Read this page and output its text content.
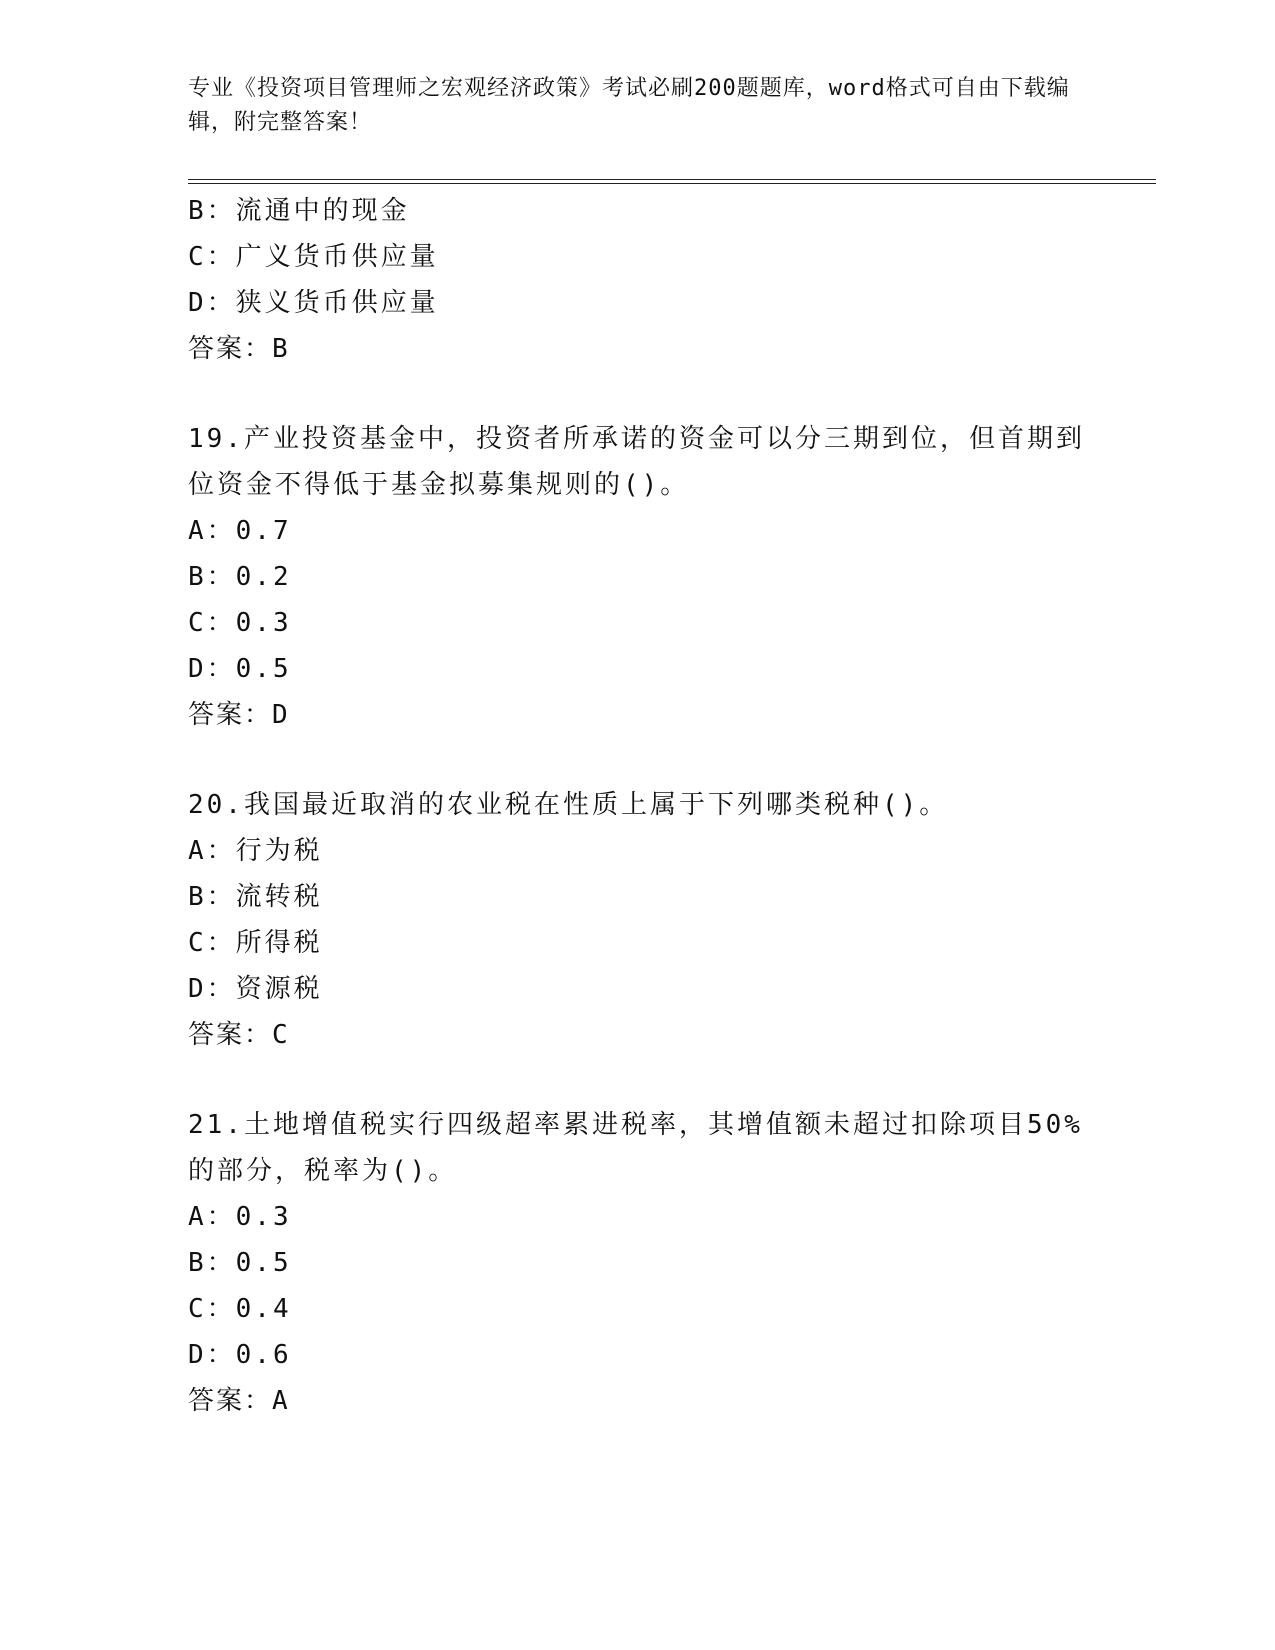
专业《投资项目管理师之宏观经济政策》考试必刷200题题库，word格式可自由下载编辑，附完整答案！
B：流通中的现金
C：广义货币供应量
D：狭义货币供应量
答案：B
19.产业投资基金中，投资者所承诺的资金可以分三期到位，但首期到位资金不得低于基金拟募集规则的()。
A：0.7
B：0.2
C：0.3
D：0.5
答案：D
20.我国最近取消的农业税在性质上属于下列哪类税种()。
A：行为税
B：流转税
C：所得税
D：资源税
答案：C
21.土地增值税实行四级超率累进税率，其增值额未超过扣除项目50%的部分，税率为()。
A：0.3
B：0.5
C：0.4
D：0.6
答案：A
